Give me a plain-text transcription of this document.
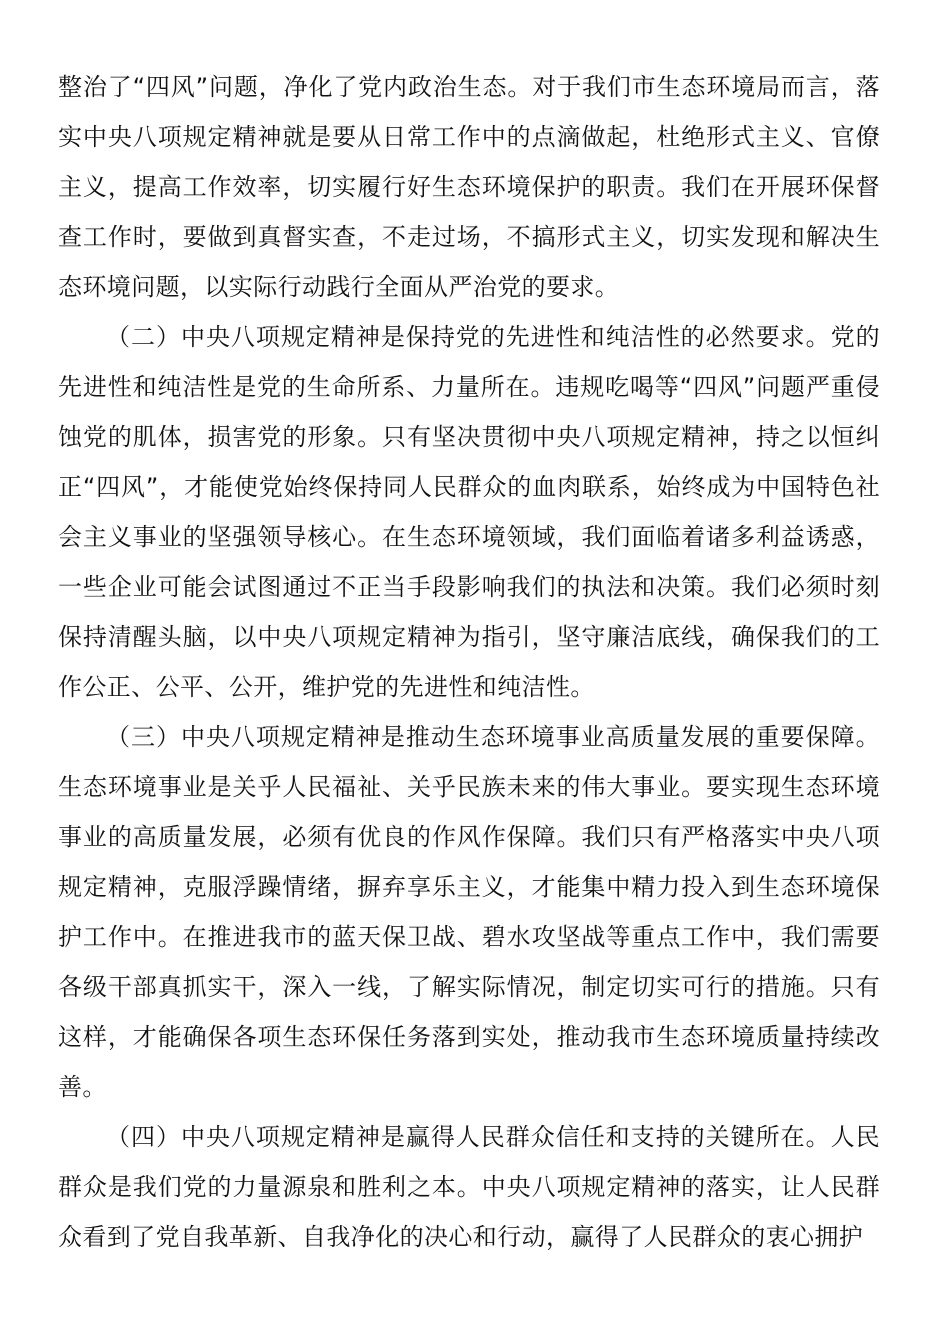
整治了“四风”问题，净化了党内政治生态。对于我们市生态环境局而言，落实中央八项规定精神就是要从日常工作中的点滴做起，杜绝形式主义、官僚主义，提高工作效率，切实履行好生态环境保护的职责。我们在开展环保督查工作时，要做到真督实查，不走过场，不搞形式主义，切实发现和解决生态环境问题，以实际行动践行全面从严治党的要求。

（二）中央八项规定精神是保持党的先进性和纯洁性的必然要求。党的先进性和纯洁性是党的生命所系、力量所在。违规吃喝等“四风”问题严重侵蚀党的肌体，损害党的形象。只有坚决贯彻中央八项规定精神，持之以恒纠正“四风”，才能使党始终保持同人民群众的血肉联系，始终成为中国特色社会主义事业的坚强领导核心。在生态环境领域，我们面临着诸多利益诱惑，一些企业可能会试图通过不正当手段影响我们的执法和决策。我们必须时刻保持清醒头脑，以中央八项规定精神为指引，坚守廉洁底线，确保我们的工作公正、公平、公开，维护党的先进性和纯洁性。

（三）中央八项规定精神是推动生态环境事业高质量发展的重要保障。生态环境事业是关乎人民福祉、关乎民族未来的伟大事业。要实现生态环境事业的高质量发展，必须有优良的作风作保障。我们只有严格落实中央八项规定精神，克服浮躁情绪，摒弃享乐主义，才能集中精力投入到生态环境保护工作中。在推进我市的蓝天保卫战、碧水攻坚战等重点工作中，我们需要各级干部真抓实干，深入一线，了解实际情况，制定切实可行的措施。只有这样，才能确保各项生态环保任务落到实处，推动我市生态环境质量持续改善。

（四）中央八项规定精神是赢得人民群众信任和支持的关键所在。人民群众是我们党的力量源泉和胜利之本。中央八项规定精神的落实，让人民群众看到了党自我革新、自我净化的决心和行动，赢得了人民群众的衷心拥护
